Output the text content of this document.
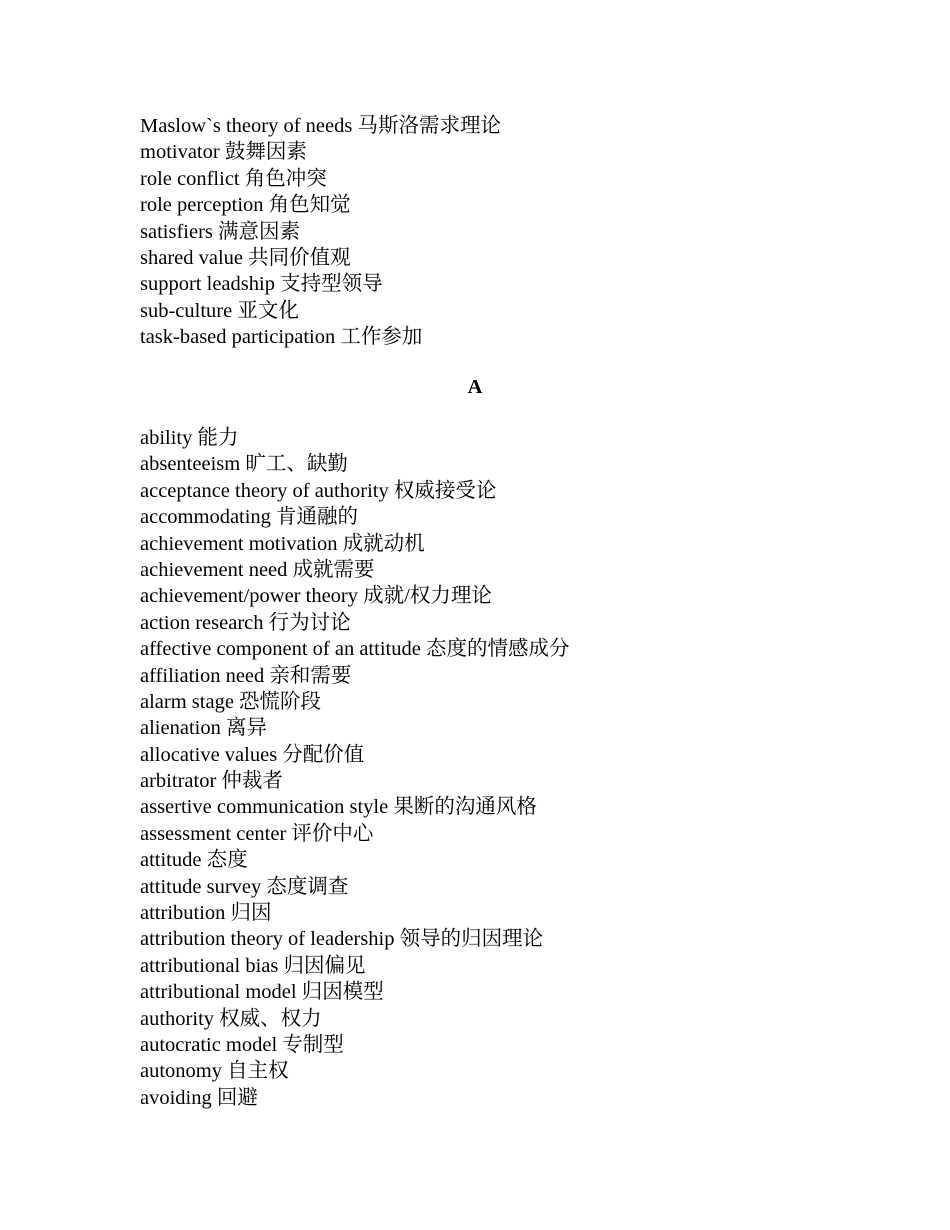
Maslow`s theory of needs 马斯洛需求理论
motivator 鼓舞因素
role conflict 角色冲突
role perception 角色知觉
satisfiers 满意因素
shared value 共同价值观
support leadship 支持型领导
sub-culture 亚文化
task-based participation 工作参加
A
ability 能力
absenteeism 旷工、缺勤
acceptance theory of authority 权威接受论
accommodating 肯通融的
achievement motivation 成就动机
achievement need 成就需要
achievement/power theory 成就/权力理论
action research 行为讨论
affective component of an attitude 态度的情感成分
affiliation need 亲和需要
alarm stage 恐慌阶段
alienation 离异
allocative values 分配价值
arbitrator 仲裁者
assertive communication style 果断的沟通风格
assessment center 评价中心
attitude 态度
attitude survey 态度调查
attribution 归因
attribution theory of leadership 领导的归因理论
attributional bias 归因偏见
attributional model 归因模型
authority 权威、权力
autocratic model 专制型
autonomy 自主权
avoiding 回避
